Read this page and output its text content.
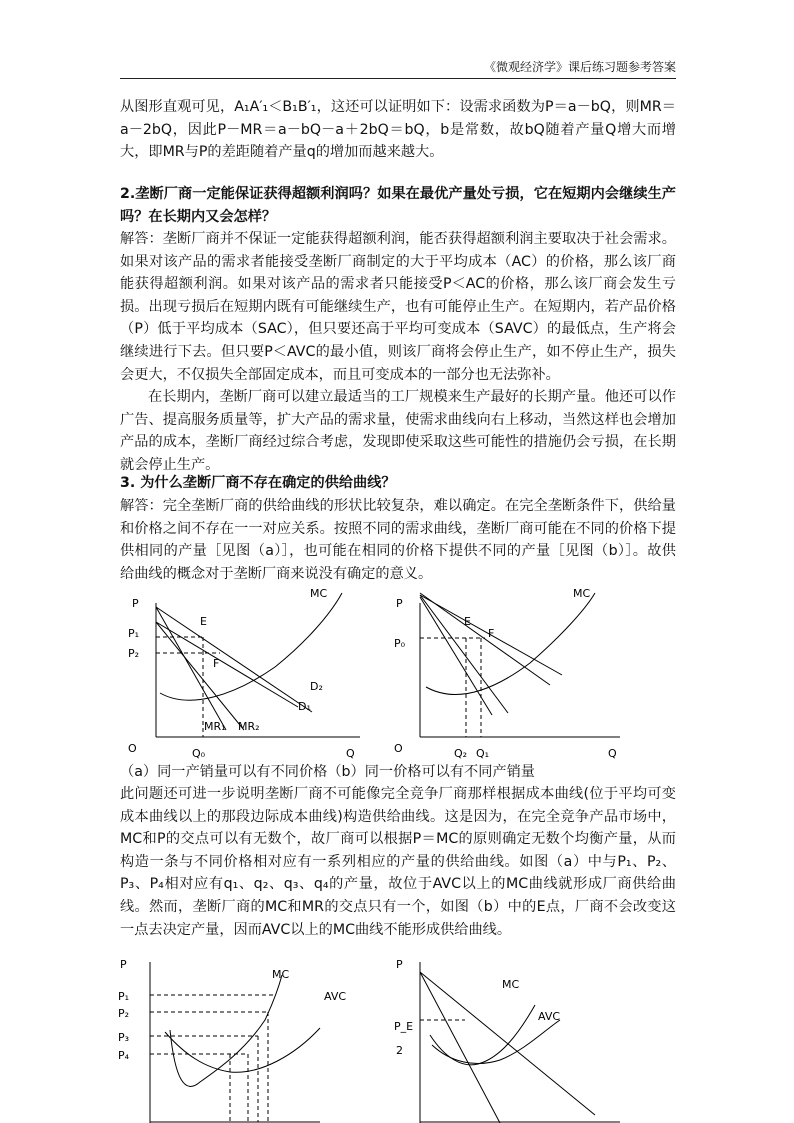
《微观经济学》课后练习题参考答案

从图形直观可见，A₁A′₁＜B₁B′₁，这还可以证明如下：设需求函数为P＝a－bQ，则MR＝a－2bQ，因此P－MR＝a－bQ－a＋2bQ＝bQ，b是常数，故bQ随着产量Q增大而增大，即MR与P的差距随着产量q的增加而越来越大。

2.垄断厂商一定能保证获得超额利润吗？如果在最优产量处亏损，它在短期内会继续生产吗？在长期内又会怎样？

解答：垄断厂商并不保证一定能获得超额利润，能否获得超额利润主要取决于社会需求。如果对该产品的需求者能接受垄断厂商制定的大于平均成本（AC）的价格，那么该厂商能获得超额利润。如果对该产品的需求者只能接受P＜AC的价格，那么该厂商会发生亏损。出现亏损后在短期内既有可能继续生产，也有可能停止生产。在短期内，若产品价格（P）低于平均成本（SAC），但只要还高于平均可变成本（SAVC）的最低点，生产将会继续进行下去。但只要P＜AVC的最小值，则该厂商将会停止生产，如不停止生产，损失会更大，不仅损失全部固定成本，而且可变成本的一部分也无法弥补。

在长期内，垄断厂商可以建立最适当的工厂规模来生产最好的长期产量。他还可以作广告、提高服务质量等，扩大产品的需求量，使需求曲线向右上移动，当然这样也会增加产品的成本，垄断厂商经过综合考虑，发现即使采取这些可能性的措施仍会亏损，在长期就会停止生产。

3. 为什么垄断厂商不存在确定的供给曲线？

解答：完全垄断厂商的供给曲线的形状比较复杂，难以确定。在完全垄断条件下，供给量和价格之间不存在一一对应关系。按照不同的需求曲线，垄断厂商可能在不同的价格下提供相同的产量［见图（a）］，也可能在相同的价格下提供不同的产量［见图（b）］。故供给曲线的概念对于垄断厂商来说没有确定的意义。

P
MC
E
P₁
P₂
F
D₂
D₁
MR₁ MR₂
O	Q₀	Q
P
MC
E
F
P₀
O	Q₂ Q₁	Q
（a）同一产销量可以有不同价格（b）同一价格可以有不同产销量

此问题还可进一步说明垄断厂商不可能像完全竞争厂商那样根据成本曲线(位于平均可变成本曲线以上的那段边际成本曲线)构造供给曲线。这是因为，在完全竞争产品市场中，MC和P的交点可以有无数个，故厂商可以根据P＝MC的原则确定无数个均衡产量，从而构造一条与不同价格相对应有一系列相应的产量的供给曲线。如图（a）中与P₁、P₂、P₃、P₄相对应有q₁、q₂、q₃、q₄的产量，故位于AVC以上的MC曲线就形成厂商供给曲线。然而，垄断厂商的MC和MR的交点只有一个，如图（b）中的E点，厂商不会改变这一点去决定产量，因而AVC以上的MC曲线不能形成供给曲线。

P
MC
AVC
P₁
P₂
P₃
P₄
P
MC
AVC
P_E
2
